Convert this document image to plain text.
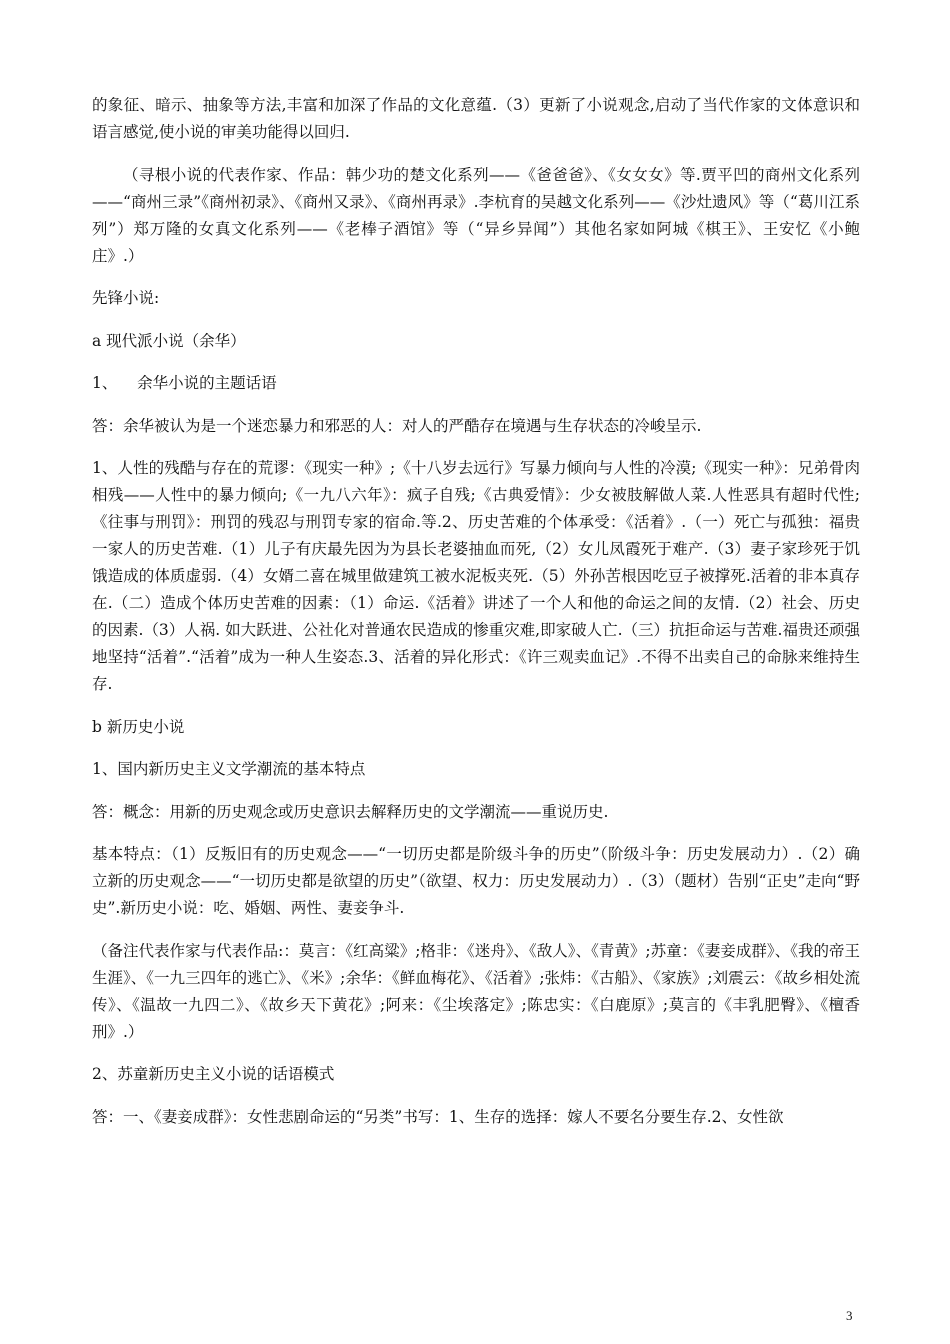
的象征、暗示、抽象等方法,丰富和加深了作品的文化意蕴.（3）更新了小说观念,启动了当代作家的文体意识和语言感觉,使小说的审美功能得以回归.

（寻根小说的代表作家、作品：韩少功的楚文化系列——《爸爸爸》、《女女女》等.贾平凹的商州文化系列——“商州三录”《商州初录》、《商州又录》、《商州再录》.李杭育的吴越文化系列——《沙灶遗风》等（“葛川江系列”）郑万隆的女真文化系列——《老棒子酒馆》等（“异乡异闻”）其他名家如阿城《棋王》、王安忆《小鲍庄》.）

先锋小说:

a 现代派小说（余华）

1、    余华小说的主题话语

答：余华被认为是一个迷恋暴力和邪恶的人：对人的严酷存在境遇与生存状态的冷峻呈示.

1、人性的残酷与存在的荒谬：《现实一种》;《十八岁去远行》写暴力倾向与人性的冷漠;《现实一种》：兄弟骨肉相残——人性中的暴力倾向;《一九八六年》：疯子自残;《古典爱情》：少女被肢解做人菜.人性恶具有超时代性;《往事与刑罚》：刑罚的残忍与刑罚专家的宿命.等.2、历史苦难的个体承受：《活着》.（一）死亡与孤独：福贵一家人的历史苦难.（1）儿子有庆最先因为为县长老婆抽血而死,（2）女儿凤霞死于难产.（3）妻子家珍死于饥饿造成的体质虚弱.（4）女婿二喜在城里做建筑工被水泥板夹死.（5）外孙苦根因吃豆子被撑死.活着的非本真存在.（二）造成个体历史苦难的因素：（1）命运.《活着》讲述了一个人和他的命运之间的友情.（2）社会、历史的因素.（3）人祸. 如大跃进、公社化对普通农民造成的惨重灾难,即家破人亡.（三）抗拒命运与苦难.福贵还顽强地坚持“活着”.“活着”成为一种人生姿态.3、活着的异化形式：《许三观卖血记》.不得不出卖自己的命脉来维持生存.

b 新历史小说

1、国内新历史主义文学潮流的基本特点

答：概念：用新的历史观念或历史意识去解释历史的文学潮流——重说历史.

基本特点：（1）反叛旧有的历史观念——“一切历史都是阶级斗争的历史”（阶级斗争：历史发展动力）.（2）确立新的历史观念——“一切历史都是欲望的历史”（欲望、权力：历史发展动力）.（3）（题材）告别“正史”走向“野史”.新历史小说：吃、婚姻、两性、妻妾争斗.

（备注代表作家与代表作品:：莫言：《红高粱》;格非：《迷舟》、《敌人》、《青黄》;苏童：《妻妾成群》、《我的帝王生涯》、《一九三四年的逃亡》、《米》;余华：《鲜血梅花》、《活着》;张炜：《古船》、《家族》;刘震云：《故乡相处流传》、《温故一九四二》、《故乡天下黄花》;阿来：《尘埃落定》;陈忠实：《白鹿原》;莫言的《丰乳肥臀》、《檀香刑》.）

2、苏童新历史主义小说的话语模式

答：一、《妻妾成群》：女性悲剧命运的“另类”书写：1、生存的选择：嫁人不要名分要生存.2、女性欲

3
